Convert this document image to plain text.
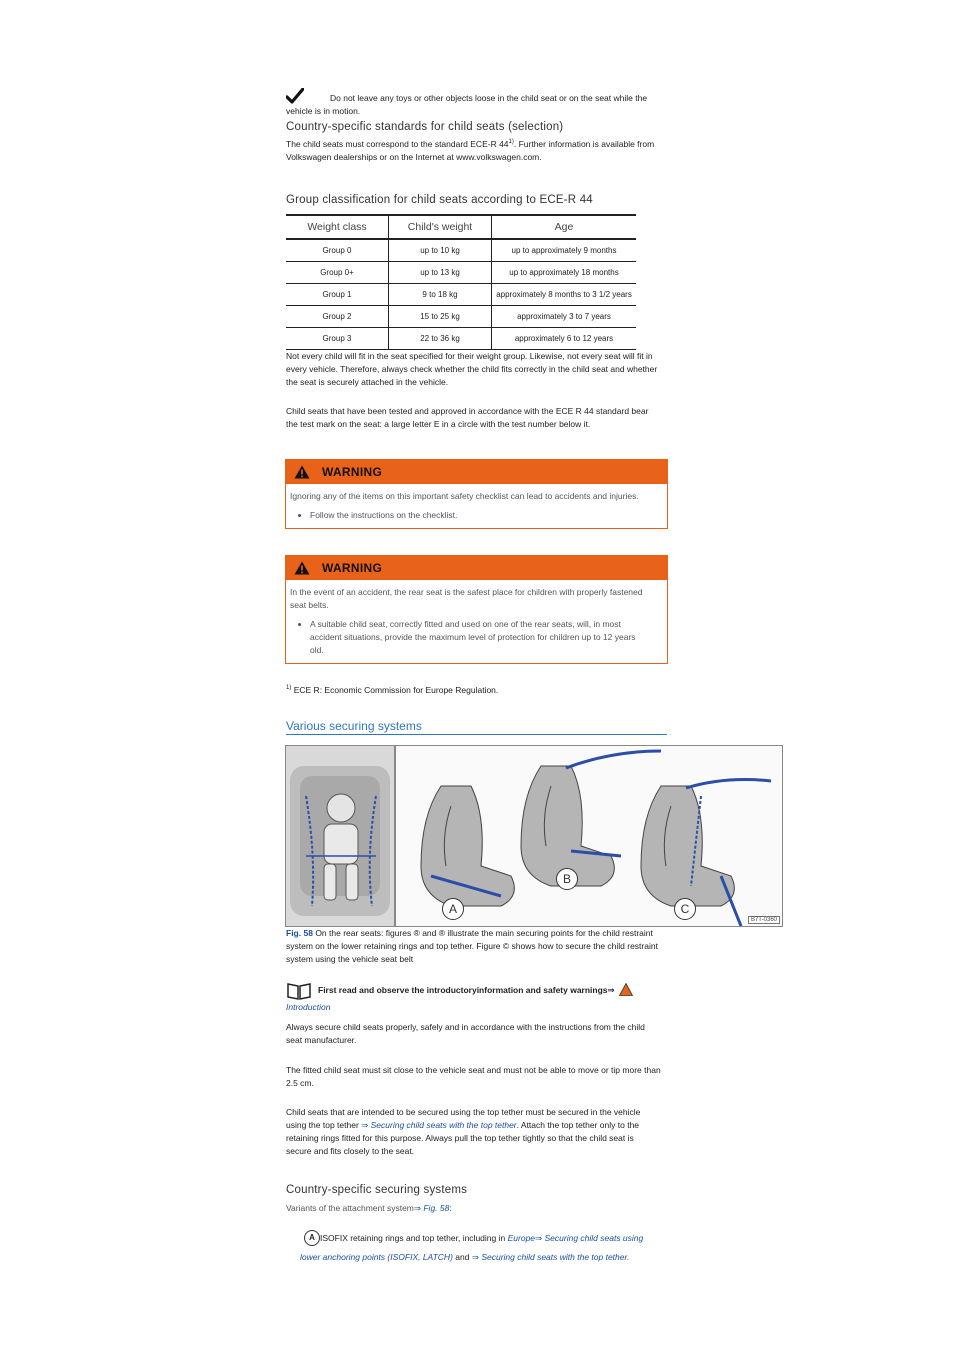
Do not leave any toys or other objects loose in the child seat or on the seat while the
vehicle is in motion.
Country-specific standards for child seats (selection)
The child seats must correspond to the standard ECE-R 44$^{1)}$. Further information is available from
Volkswagen dealerships or on the Internet at www.volkswagen.com.
Group classification for child seats according to ECE-R 44
Weight class	Child's weight	Age
Group 0	up to 10 kg	up to approximately 9 months
Group 0+	up to 13 kg	up to approximately 18 months
Group 1	9 to 18 kg	approximately 8 months to 3 1/2 years
Group 2	15 to 25 kg	approximately 3 to 7 years
Group 3	22 to 36 kg	approximately 6 to 12 years
Not every child will fit in the seat specified for their weight group. Likewise, not every seat will fit in
every vehicle. Therefore, always check whether the child fits correctly in the child seat and whether
the seat is securely attached in the vehicle.
Child seats that have been tested and approved in accordance with the ECE R 44 standard bear
the test mark on the seat: a large letter E in a circle with the test number below it.
WARNING
Ignoring any of the items on this important safety checklist can lead to accidents and injuries.
• Follow the instructions on the checklist.
WARNING
In the event of an accident, the rear seat is the safest place for children with properly fastened
seat belts.
• A suitable child seat, correctly fitted and used on one of the rear seats, will, in most
accident situations, provide the maximum level of protection for children up to 12 years
old.
$^{1)}$ ECE R: Economic Commission for Europe Regulation.
Various securing systems
A
B
C
B7T-0360
Fig. 58 On the rear seats: figures ® and ® illustrate the main securing points for the child restraint
system on the lower retaining rings and top tether. Figure © shows how to secure the child restraint
system using the vehicle seat belt
First read and observe the introductoryinformation and safety warnings⇒
Introduction
Always secure child seats properly, safely and in accordance with the instructions from the child
seat manufacturer.
The fitted child seat must sit close to the vehicle seat and must not be able to move or tip more than
2.5 cm.
Child seats that are intended to be secured using the top tether must be secured in the vehicle
using the top tether ⇒ Securing child seats with the top tether. Attach the top tether only to the
retaining rings fitted for this purpose. Always pull the top tether tightly so that the child seat is
secure and fits closely to the seat.
Country-specific securing systems
Variants of the attachment system⇒ Fig. 58:
A ISOFIX retaining rings and top tether, including in Europe⇒ Securing child seats using
lower anchoring points (ISOFIX, LATCH) and ⇒ Securing child seats with the top tether.
